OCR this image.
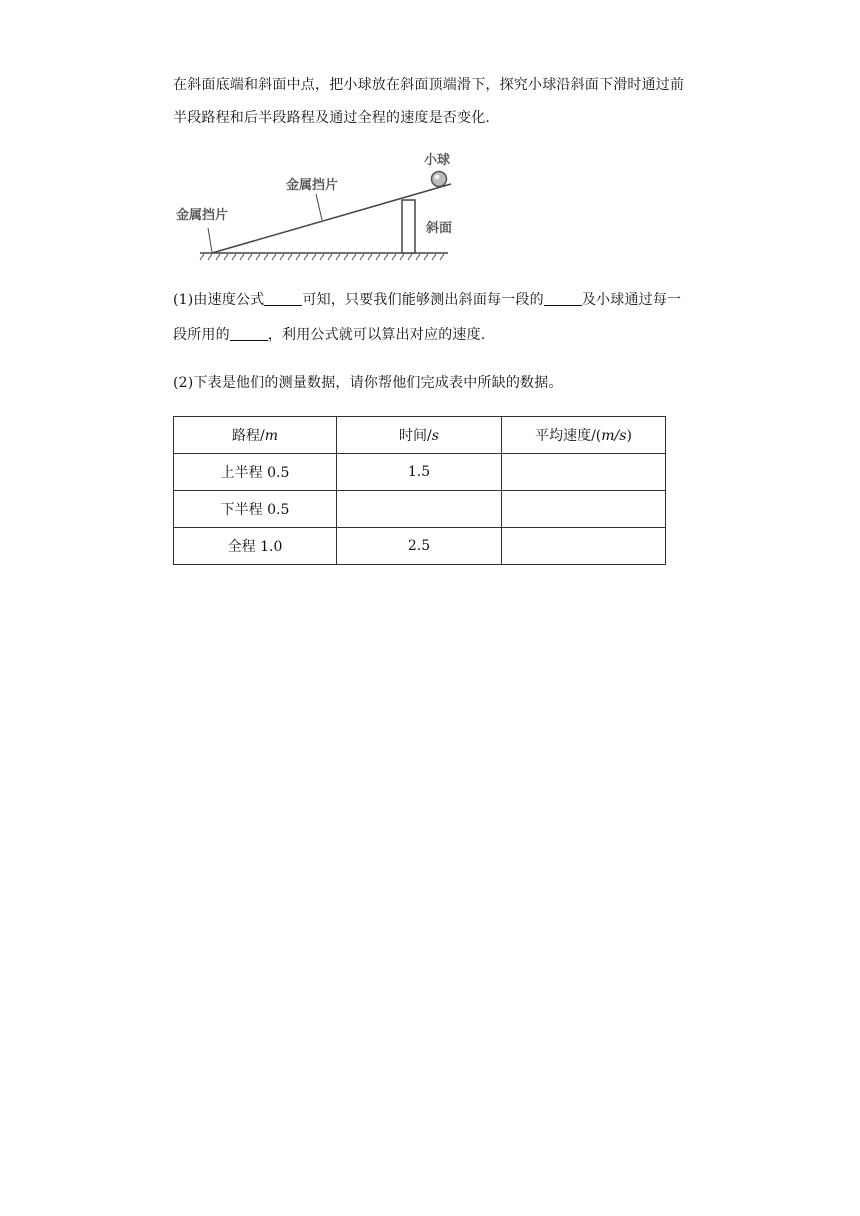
在斜面底端和斜面中点，把小球放在斜面顶端滑下，探究小球沿斜面下滑时通过前
半段路程和后半段路程及通过全程的速度是否变化.
小球
斜面
金属挡片
金属挡片
(1)由速度公式	可知，只要我们能够测出斜面每一段的	及小球通过每一
段所用的	，利用公式就可以算出对应的速度.
(2)下表是他们的测量数据，请你帮他们完成表中所缺的数据。
路程/m	时间/s	平均速度/(m/s)
上半程 0.5	1.5	
下半程 0.5		
全程 1.0	2.5	
